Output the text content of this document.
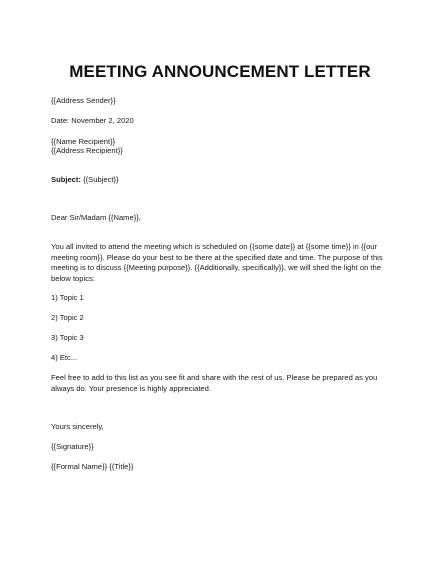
MEETING ANNOUNCEMENT LETTER
{{Address Sender}}
Date: November 2, 2020
{{Name Recipient}}
{{Address Recipient}}
Subject: {{Subject}}
Dear Sir/Madam {{Name}},
You all invited to attend the meeting which is scheduled on {{some date}} at {{some time}} in {{our meeting room}}. Please do your best to be there at the specified date and time. The purpose of this meeting is to discuss {{Meeting purpose}}. {{Additionally, specifically}}, we will shed the light on the below topics:
1) Topic 1
2) Topic 2
3) Topic 3
4) Etc...
Feel free to add to this list as you see fit and share with the rest of us. Please be prepared as you always do. Your presence is highly appreciated.
Yours sincerely,
{{Signature}}
{{Formal Name}} {{Title}}
